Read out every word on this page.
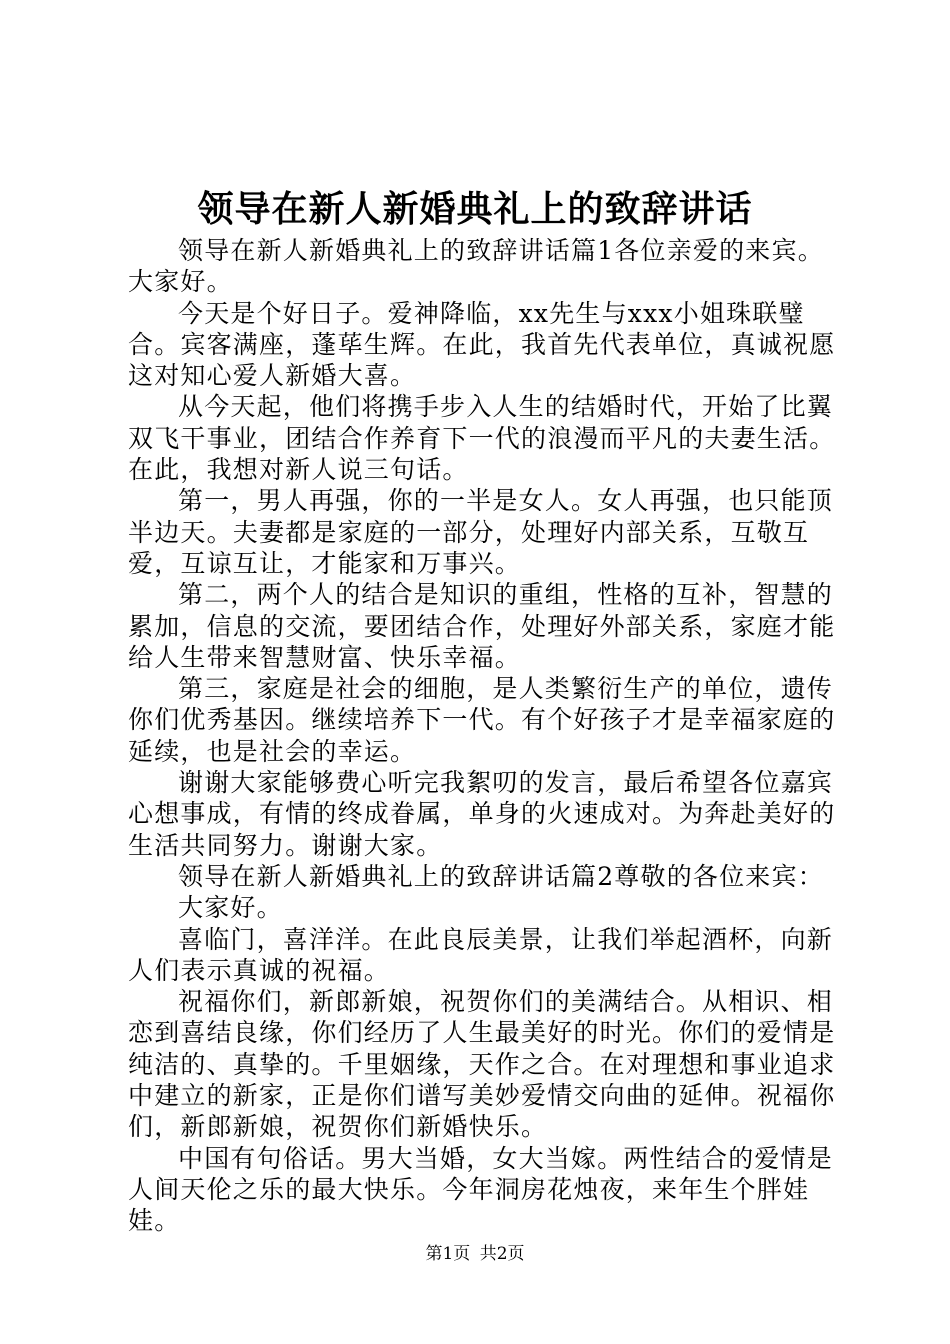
领导在新人新婚典礼上的致辞讲话

领导在新人新婚典礼上的致辞讲话篇1各位亲爱的来宾。大家好。

今天是个好日子。爱神降临，xx先生与xxx小姐珠联璧合。宾客满座，蓬荜生辉。在此，我首先代表单位，真诚祝愿这对知心爱人新婚大喜。

从今天起，他们将携手步入人生的结婚时代，开始了比翼双飞干事业，团结合作养育下一代的浪漫而平凡的夫妻生活。在此，我想对新人说三句话。

第一，男人再强，你的一半是女人。女人再强，也只能顶半边天。夫妻都是家庭的一部分，处理好内部关系，互敬互爱，互谅互让，才能家和万事兴。

第二，两个人的结合是知识的重组，性格的互补，智慧的累加，信息的交流，要团结合作，处理好外部关系，家庭才能给人生带来智慧财富、快乐幸福。

第三，家庭是社会的细胞，是人类繁衍生产的单位，遗传你们优秀基因。继续培养下一代。有个好孩子才是幸福家庭的延续，也是社会的幸运。

谢谢大家能够费心听完我絮叨的发言，最后希望各位嘉宾心想事成，有情的终成眷属，单身的火速成对。为奔赴美好的生活共同努力。谢谢大家。

领导在新人新婚典礼上的致辞讲话篇2尊敬的各位来宾：

大家好。

喜临门，喜洋洋。在此良辰美景，让我们举起酒杯，向新人们表示真诚的祝福。

祝福你们，新郎新娘，祝贺你们的美满结合。从相识、相恋到喜结良缘，你们经历了人生最美好的时光。你们的爱情是纯洁的、真挚的。千里姻缘，天作之合。在对理想和事业追求中建立的新家，正是你们谱写美妙爱情交向曲的延伸。祝福你们，新郎新娘，祝贺你们新婚快乐。

中国有句俗话。男大当婚，女大当嫁。两性结合的爱情是人间天伦之乐的最大快乐。今年洞房花烛夜，来年生个胖娃娃。

第1页 共2页
